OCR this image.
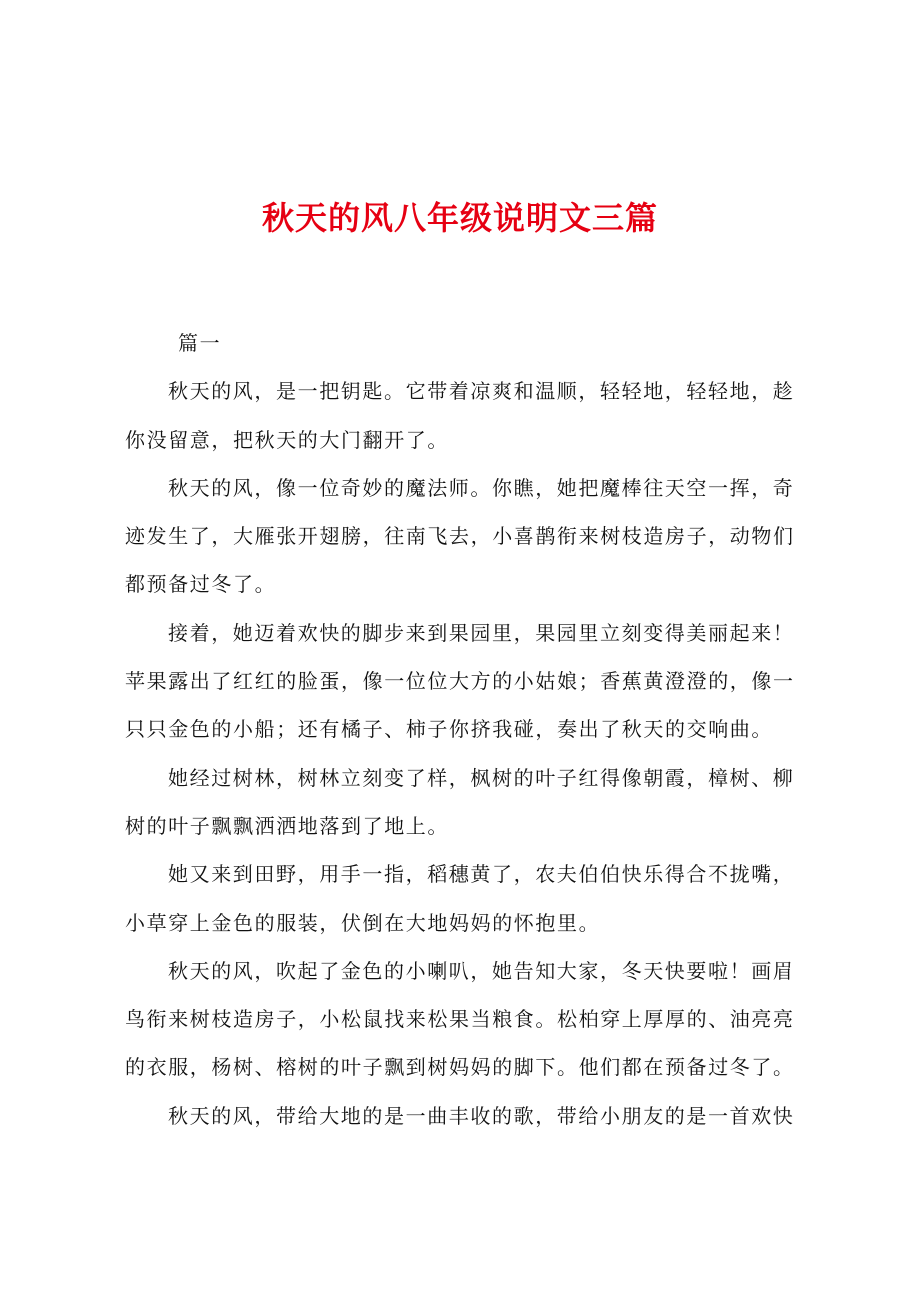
秋天的风八年级说明文三篇
篇一
秋天的风，是一把钥匙。它带着凉爽和温顺，轻轻地，轻轻地，趁
你没留意，把秋天的大门翻开了。
秋天的风，像一位奇妙的魔法师。你瞧，她把魔棒往天空一挥，奇
迹发生了，大雁张开翅膀，往南飞去，小喜鹊衔来树枝造房子，动物们
都预备过冬了。
接着，她迈着欢快的脚步来到果园里，果园里立刻变得美丽起来！
苹果露出了红红的脸蛋，像一位位大方的小姑娘；香蕉黄澄澄的，像一
只只金色的小船；还有橘子、柿子你挤我碰，奏出了秋天的交响曲。
她经过树林，树林立刻变了样，枫树的叶子红得像朝霞，樟树、柳
树的叶子飘飘洒洒地落到了地上。
她又来到田野，用手一指，稻穗黄了，农夫伯伯快乐得合不拢嘴，
小草穿上金色的服装，伏倒在大地妈妈的怀抱里。
秋天的风，吹起了金色的小喇叭，她告知大家，冬天快要啦！画眉
鸟衔来树枝造房子，小松鼠找来松果当粮食。松柏穿上厚厚的、油亮亮
的衣服，杨树、榕树的叶子飘到树妈妈的脚下。他们都在预备过冬了。
秋天的风，带给大地的是一曲丰收的歌，带给小朋友的是一首欢快
